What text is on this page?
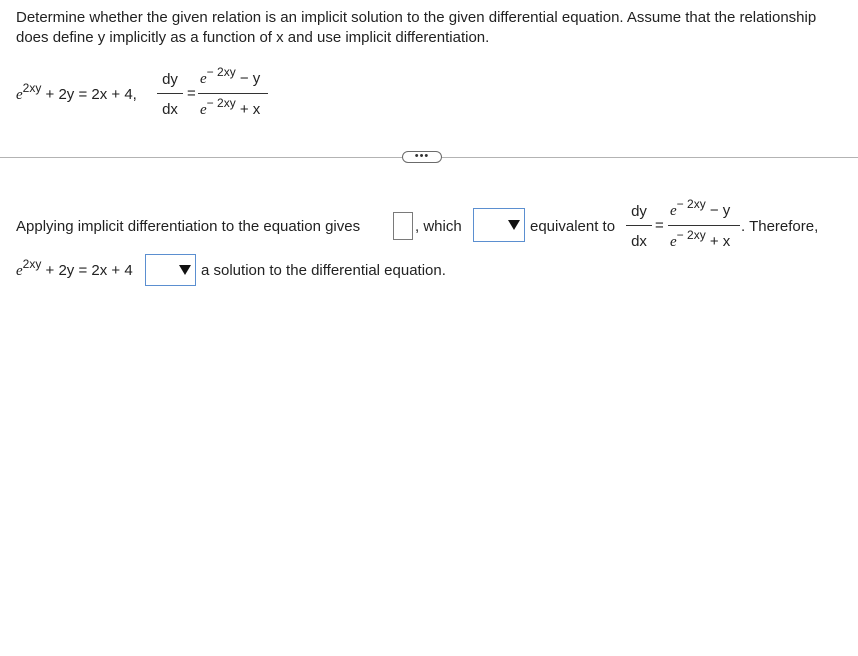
Determine whether the given relation is an implicit solution to the given differential equation. Assume that the relationship does define y implicitly as a function of x and use implicit differentiation.
$e^{2xy} + 2y = 2x + 4$,
dy
dx
=
$e^{- 2xy} - y$
$e^{- 2xy} + x$
•••
Applying implicit differentiation to the equation gives	, which	equivalent to
dy
dx
=
$e^{- 2xy} - y$
$e^{- 2xy} + x$
. Therefore,
$e^{2xy} + 2y = 2x + 4$	a solution to the differential equation.
